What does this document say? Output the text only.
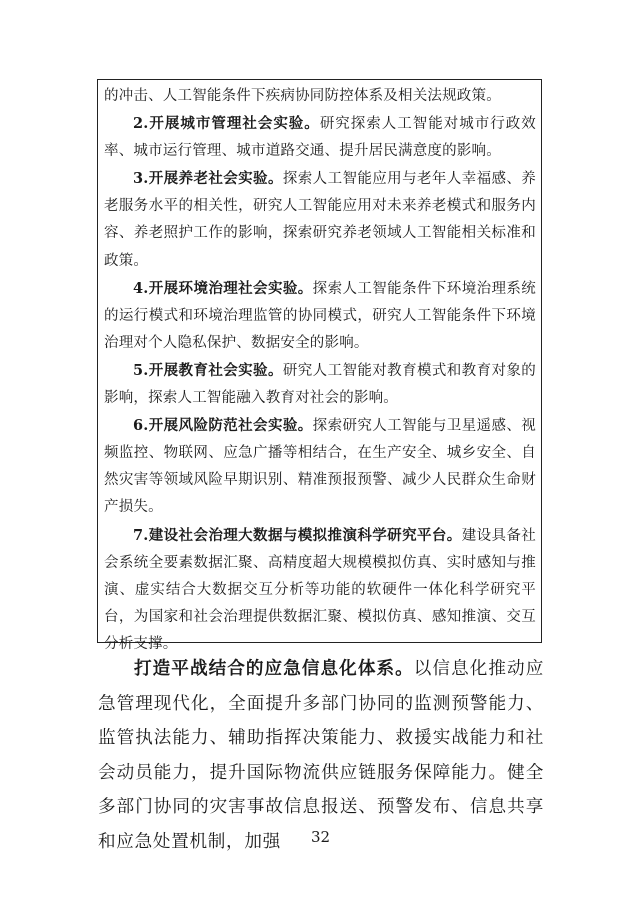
的冲击、人工智能条件下疾病协同防控体系及相关法规政策。

2.开展城市管理社会实验。研究探索人工智能对城市行政效率、城市运行管理、城市道路交通、提升居民满意度的影响。

3.开展养老社会实验。探索人工智能应用与老年人幸福感、养老服务水平的相关性，研究人工智能应用对未来养老模式和服务内容、养老照护工作的影响，探索研究养老领域人工智能相关标准和政策。

4.开展环境治理社会实验。探索人工智能条件下环境治理系统的运行模式和环境治理监管的协同模式，研究人工智能条件下环境治理对个人隐私保护、数据安全的影响。

5.开展教育社会实验。研究人工智能对教育模式和教育对象的影响，探索人工智能融入教育对社会的影响。

6.开展风险防范社会实验。探索研究人工智能与卫星遥感、视频监控、物联网、应急广播等相结合，在生产安全、城乡安全、自然灾害等领域风险早期识别、精准预报预警、减少人民群众生命财产损失。

7.建设社会治理大数据与模拟推演科学研究平台。建设具备社会系统全要素数据汇聚、高精度超大规模模拟仿真、实时感知与推演、虚实结合大数据交互分析等功能的软硬件一体化科学研究平台，为国家和社会治理提供数据汇聚、模拟仿真、感知推演、交互分析支撑。

打造平战结合的应急信息化体系。以信息化推动应急管理现代化，全面提升多部门协同的监测预警能力、监管执法能力、辅助指挥决策能力、救援实战能力和社会动员能力，提升国际物流供应链服务保障能力。健全多部门协同的灾害事故信息报送、预警发布、信息共享和应急处置机制，加强	32
